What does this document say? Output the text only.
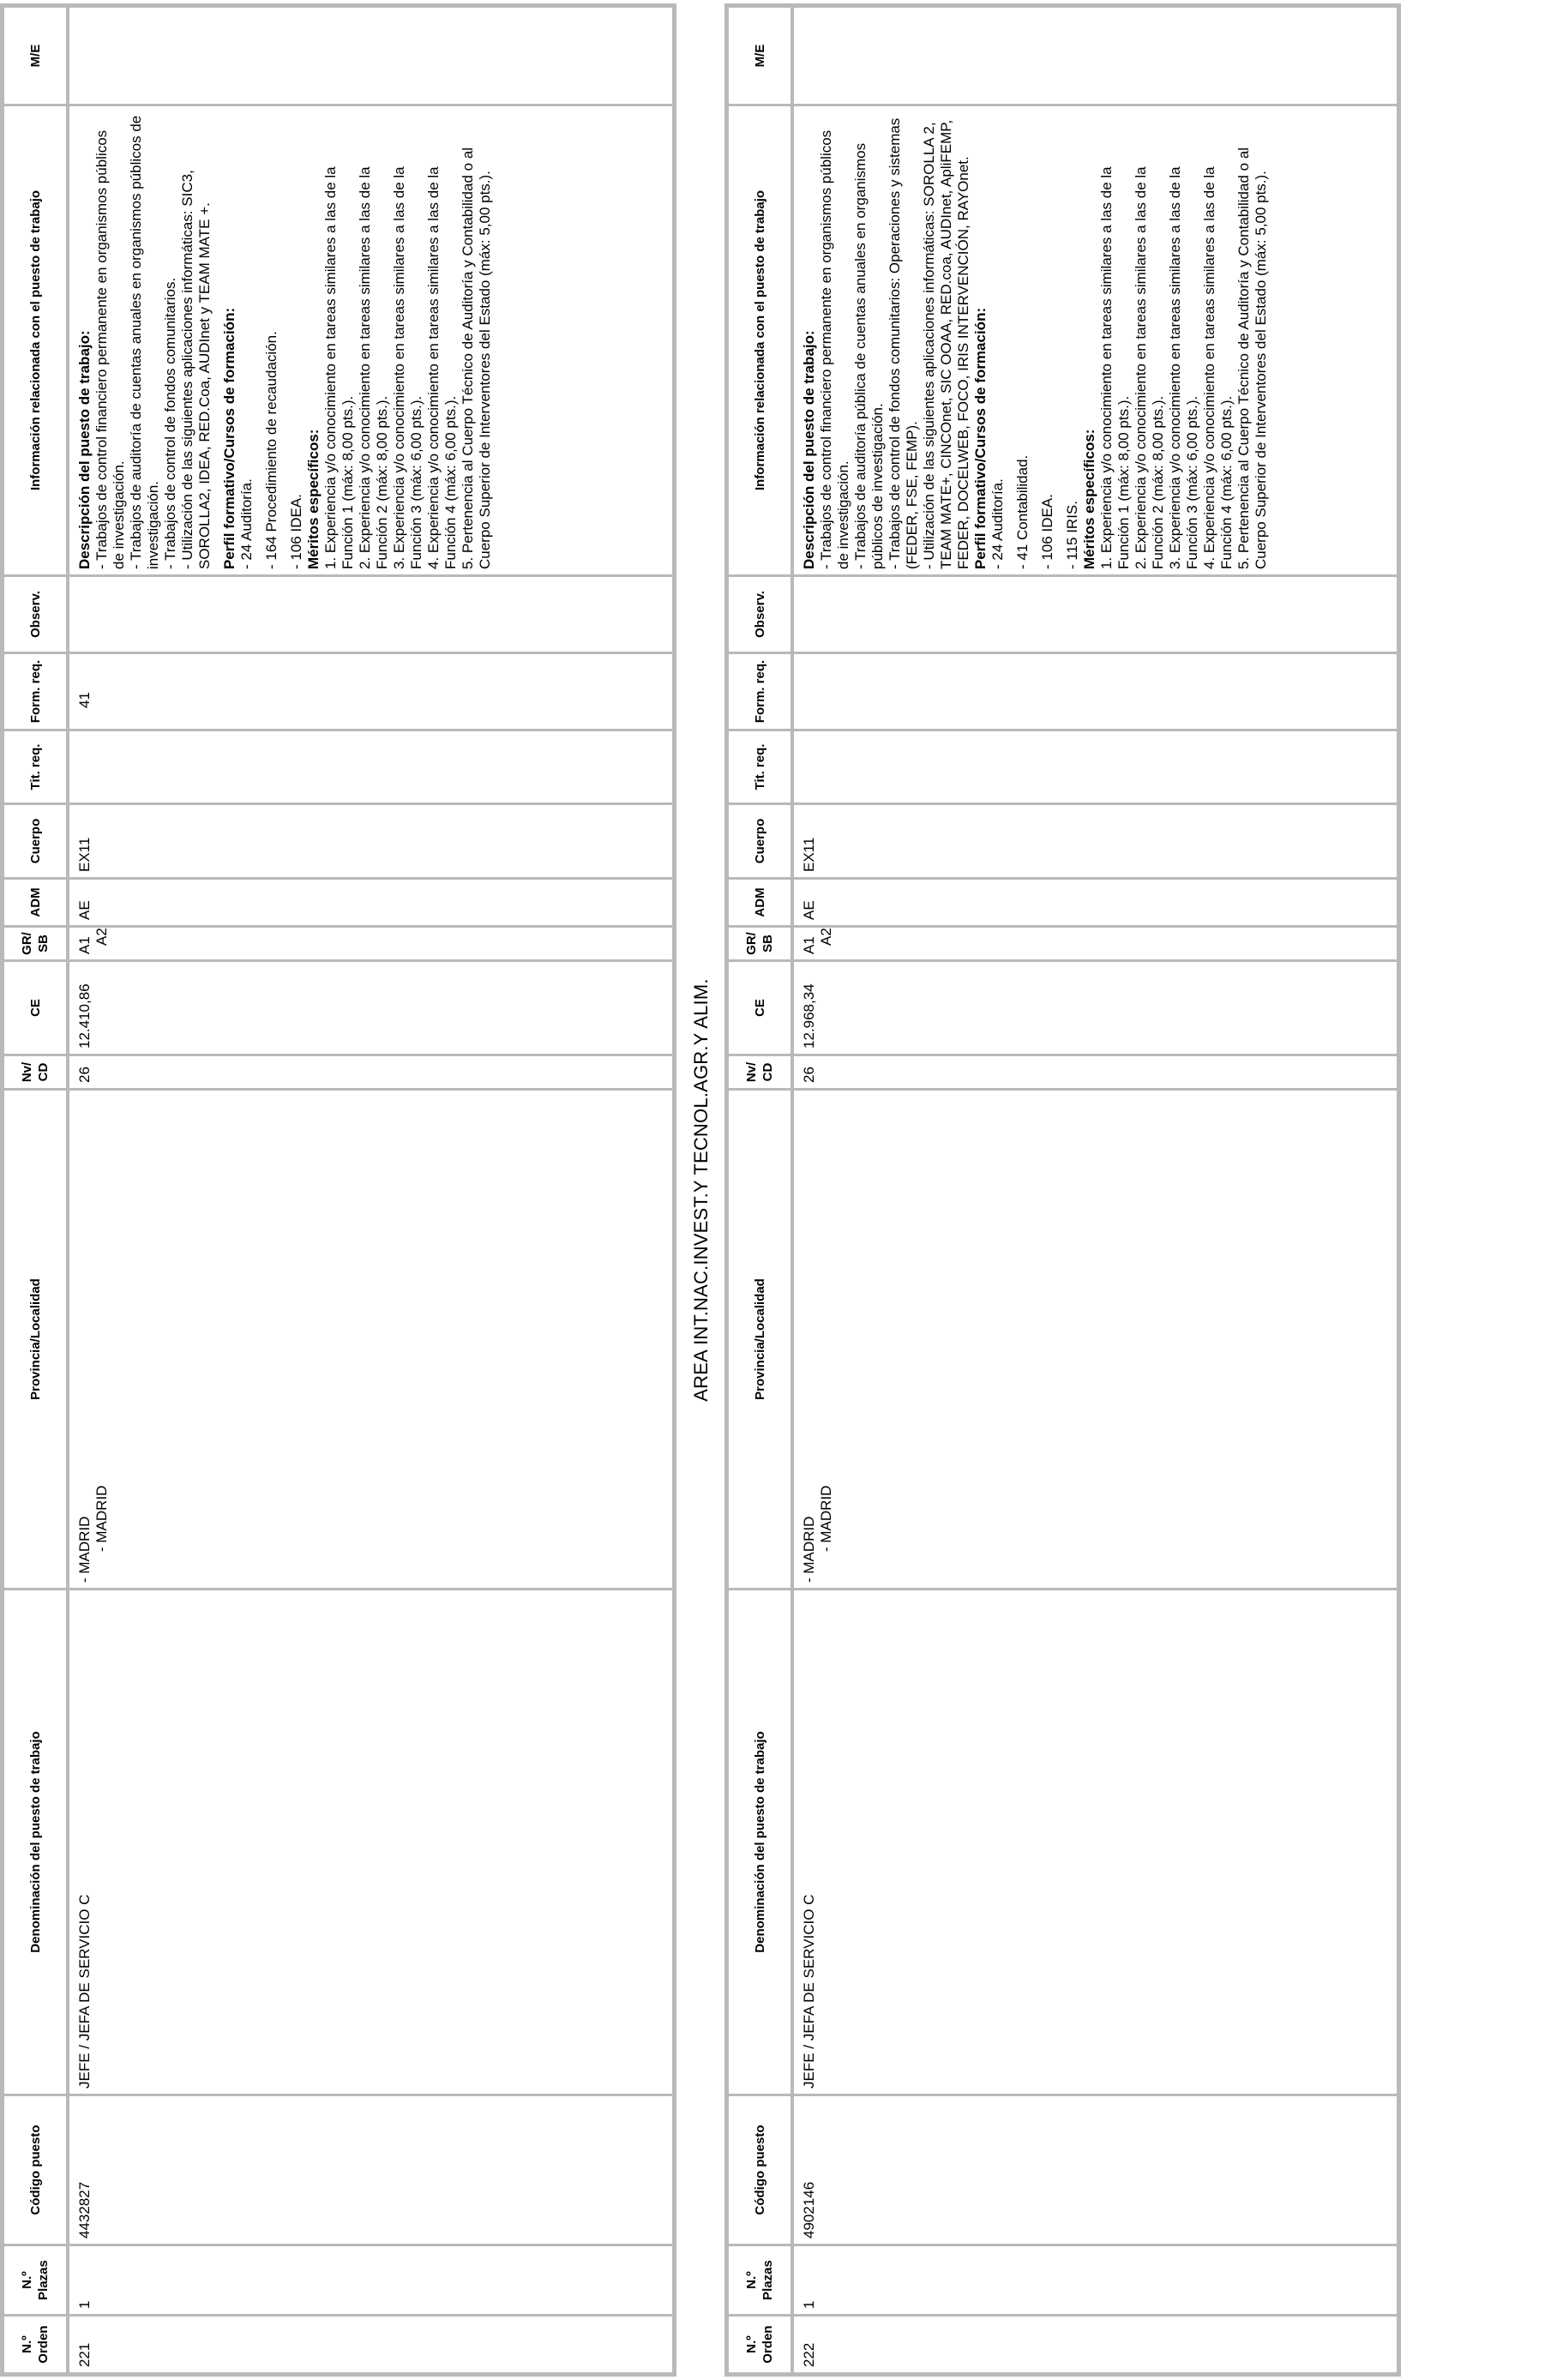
N.º Orden
N.º Plazas
Código puesto
Denominación del puesto de trabajo
Provincia/Localidad
Nv/ CD
CE
GR/ SB
ADM
Cuerpo
Tit. req.
Form. req.
Observ.
Información relacionada con el puesto de trabajo
M/E
221
1
4432827
JEFE / JEFA DE SERVICIO C
- MADRID - MADRID
26
12.410,86
A1 A2
AE
EX11
41
Descripción del puesto de trabajo: - Trabajos de control financiero permanente en organismos públicos de investigación. - Trabajos de auditoría de cuentas anuales en organismos públicos de investigación. - Trabajos de control de fondos comunitarios. - Utilización de las siguientes aplicaciones informáticas: SIC3, SOROLLA2, IDEA, RED.Coa, AUDInet y TEAM MATE +. Perfil formativo/Cursos de formación: - 24 Auditoría. - 164 Procedimiento de recaudación. - 106 IDEA. Méritos específicos: 1. Experiencia y/o conocimiento en tareas similares a las de la Función 1 (máx: 8,00 pts.). 2. Experiencia y/o conocimiento en tareas similares a las de la Función 2 (máx: 8,00 pts.). 3. Experiencia y/o conocimiento en tareas similares a las de la Función 3 (máx: 6,00 pts.). 4. Experiencia y/o conocimiento en tareas similares a las de la Función 4 (máx: 6,00 pts.). 5. Pertenencia al Cuerpo Técnico de Auditoría y Contabilidad o al Cuerpo Superior de Interventores del Estado (máx: 5,00 pts.).
AREA INT.NAC.INVEST.Y TECNOL.AGR.Y ALIM.
N.º Orden
N.º Plazas
Código puesto
Denominación del puesto de trabajo
Provincia/Localidad
Nv/ CD
CE
GR/ SB
ADM
Cuerpo
Tit. req.
Form. req.
Observ.
Información relacionada con el puesto de trabajo
M/E
222
1
4902146
JEFE / JEFA DE SERVICIO C
- MADRID - MADRID
26
12.968,34
A1 A2
AE
EX11
Descripción del puesto de trabajo: - Trabajos de control financiero permanente en organismos públicos de investigación. - Trabajos de auditoría pública de cuentas anuales en organismos públicos de investigación. - Trabajos de control de fondos comunitarios: Operaciones y sistemas (FEDER, FSE, FEMP). - Utilización de las siguientes aplicaciones informáticas: SOROLLA 2, TEAM MATE+, CINCOnet, SIC OOAA, RED.coa, AUDInet, ApliFEMP, FEDER, DOCELWEB, FOCO, IRIS INTERVENCIÓN, RAYOnet. Perfil formativo/Cursos de formación: - 24 Auditoría. - 41 Contabilidad. - 106 IDEA. - 115 IRIS. Méritos específicos: 1. Experiencia y/o conocimiento en tareas similares a las de la Función 1 (máx: 8,00 pts.). 2. Experiencia y/o conocimiento en tareas similares a las de la Función 2 (máx: 8,00 pts.). 3. Experiencia y/o conocimiento en tareas similares a las de la Función 3 (máx: 6,00 pts.). 4. Experiencia y/o conocimiento en tareas similares a las de la Función 4 (máx: 6,00 pts.). 5. Pertenencia al Cuerpo Técnico de Auditoría y Contabilidad o al Cuerpo Superior de Interventores del Estado (máx: 5,00 pts.).
